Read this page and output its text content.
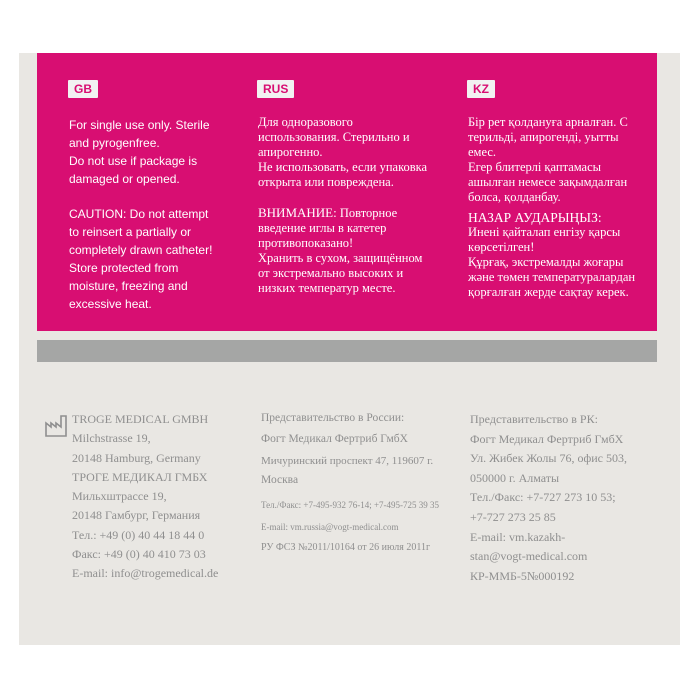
GB	RUS	KZ

For single use only. Sterile

and pyrogenfree.

Do not use if package is

damaged or opened.

CAUTION: Do not attempt

to reinsert a partially or

completely drawn catheter!

Store protected from

moisture, freezing and

excessive heat.

Для одноразового
использования. Стерильно и
апирогенно.
Не использовать, если упаковка
открыта или повреждена.

ВНИМАНИЕ: Повторное

введение иглы в катетер
противопоказано!
Хранить в сухом, защищённом
от экстремально высоких и
низких температур месте.

Бір рет қолдануға арналған. С
терильді, апирогенді, уытты
емес.
Егер блитерлі қаптамасы
ашылған немесе зақымдалған
болса, қолданбау.

НАЗАР АУДАРЫҢЫЗ:

Иненi қайталап енгізу қарсы
көрсетілген!
Құрғақ, экстремалды жоғары
және төмен температуралардан
қорғалған жерде сақтау керек.

TROGE MEDICAL GMBH
Milchstrasse 19,
20148 Hamburg, Germany
ТРОГЕ МЕДИКАЛ ГМБХ
Мильхштрассе 19,
20148 Гамбург, Германия
Тел.: +49 (0) 40 44 18 44 0
Факс: +49 (0) 40 410 73 03
E-mail: info@trogemedical.de
Представительство в России:
Фогт Медикал Фертриб ГмбХ
Мичуринский проспект 47, 119607 г.
Москва
Тел./Факс: +7-495-932 76-14; +7-495-725 39 35
E-mail: vm.russia@vogt-medical.com
РУ ФСЗ №2011/10164 от 26 июля 2011г
Представительство в РК:
Фогт Медикал Фертриб ГмбХ
Ул. Жибек Жолы 76, офис 503,
050000 г. Алматы
Тел./Факс: +7-727 273 10 53;
+7-727 273 25 85
E-mail: vm.kazakh-
stan@vogt-medical.com
КР-ММБ-5№000192
